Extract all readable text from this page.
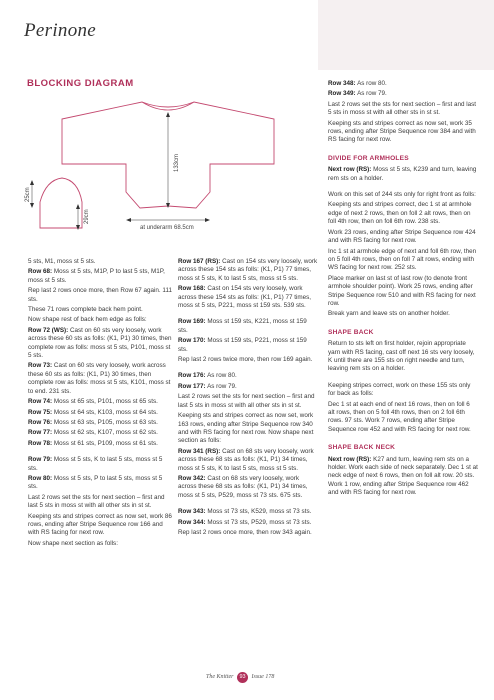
Perinone
BLOCKING DIAGRAM
133cm
at underarm 68.5cm
25cm
29cm

5 sts, M1, moss st 5 sts.

Row 68: Moss st 5 sts, M1P, P to last 5 sts, M1P, moss st 5 sts.

Rep last 2 rows once more, then Row 67 again. 111 sts.

These 71 rows complete back hem point.

Now shape rest of back hem edge as folls:

Row 72 (WS): Cast on 60 sts very loosely, work across these 60 sts as folls: (K1, P1) 30 times, then complete row as folls: moss st 5 sts, P101, moss st 5 sts.

Row 73: Cast on 60 sts very loosely, work across these 60 sts as folls: (K1, P1) 30 times, then complete row as folls: moss st 5 sts, K101, moss st to end. 231 sts.

Row 74: Moss st 65 sts, P101, moss st 65 sts.

Row 75: Moss st 64 sts, K103, moss st 64 sts.

Row 76: Moss st 63 sts, P105, moss st 63 sts.

Row 77: Moss st 62 sts, K107, moss st 62 sts.

Row 78: Moss st 61 sts, P109, moss st 61 sts.

Row 79: Moss st 5 sts, K to last 5 sts, moss st 5 sts.

Row 80: Moss st 5 sts, P to last 5 sts, moss st 5 sts.

Last 2 rows set the sts for next section – first and last 5 sts in moss st with all other sts in st st.

Keeping sts and stripes correct as now set, work 86 rows, ending after Stripe Sequence row 166 and with RS facing for next row.

Now shape next section as folls:

Row 167 (RS): Cast on 154 sts very loosely, work across these 154 sts as folls: (K1, P1) 77 times, moss st 5 sts, K to last 5 sts, moss st 5 sts.

Row 168: Cast on 154 sts very loosely, work across these 154 sts as folls: (K1, P1) 77 times, moss st 5 sts, P221, moss st 159 sts. 539 sts.

Row 169: Moss st 159 sts, K221, moss st 159 sts.

Row 170: Moss st 159 sts, P221, moss st 159 sts.

Rep last 2 rows twice more, then row 169 again.

Row 176: As row 80.

Row 177: As row 79.

Last 2 rows set the sts for next section – first and last 5 sts in moss st with all other sts in st st.

Keeping sts and stripes correct as now set, work 163 rows, ending after Stripe Sequence row 340 and with RS facing for next row. Now shape next section as folls:

Row 341 (RS): Cast on 68 sts very loosely, work across these 68 sts as folls: (K1, P1) 34 times, moss st 5 sts, K to last 5 sts, moss st 5 sts.

Row 342: Cast on 68 sts very loosely, work across these 68 sts as folls: (K1, P1) 34 times, moss st 5 sts, P529, moss st 73 sts. 675 sts.

Row 343: Moss st 73 sts, K529, moss st 73 sts.

Row 344: Moss st 73 sts, P529, moss st 73 sts.

Rep last 2 rows once more, then row 343 again.

Row 348: As row 80.

Row 349: As row 79.

Last 2 rows set the sts for next section – first and last 5 sts in moss st with all other sts in st st.

Keeping sts and stripes correct as now set, work 35 rows, ending after Stripe Sequence row 384 and with RS facing for next row.

DIVIDE FOR ARMHOLES

Next row (RS): Moss st 5 sts, K239 and turn, leaving rem sts on a holder.

Work on this set of 244 sts only for right front as folls:

Keeping sts and stripes correct, dec 1 st at armhole edge of next 2 rows, then on foll 2 alt rows, then on foll 4th row, then on foll 6th row. 238 sts.

Work 23 rows, ending after Stripe Sequence row 424 and with RS facing for next row.

Inc 1 st at armhole edge of next and foll 6th row, then on 5 foll 4th rows, then on foll 7 alt rows, ending with WS facing for next row. 252 sts.

Place marker on last st of last row (to denote front armhole shoulder point). Work 25 rows, ending after Stripe Sequence row 510 and with RS facing for next row.

Break yarn and leave sts on another holder.

SHAPE BACK

Return to sts left on first holder, rejoin appropriate yarn with RS facing, cast off next 16 sts very loosely, K until there are 155 sts on right needle and turn, leaving rem sts on a holder.

Keeping stripes correct, work on these 155 sts only for back as folls:

Dec 1 st at each end of next 16 rows, then on foll 6 alt rows, then on 5 foll 4th rows, then on 2 foll 6th rows. 97 sts. Work 7 rows, ending after Stripe Sequence row 452 and with RS facing for next row.

SHAPE BACK NECK

Next row (RS): K27 and turn, leaving rem sts on a holder. Work each side of neck separately. Dec 1 st at neck edge of next 6 rows, then on foll alt row. 20 sts. Work 1 row, ending after Stripe Sequence row 462 and with RS facing for next row.

The Knitter 93 Issue 178
